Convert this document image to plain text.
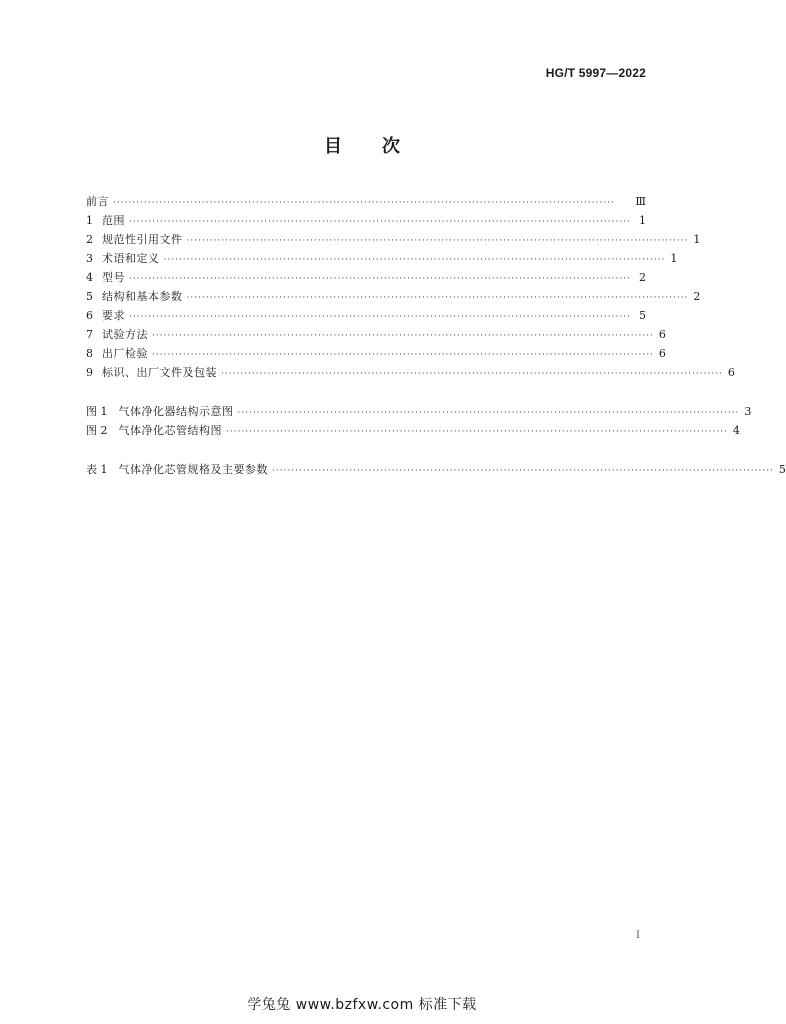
HG/T 5997—2022
目 次
前言 ··································································································································	Ⅲ
1 范围 ·································································································································· 1
2 规范性引用文件 ·································································································································· 1
3 术语和定义 ·································································································································· 1
4 型号 ·································································································································· 2
5 结构和基本参数 ·································································································································· 2
6 要求 ·································································································································· 5
7 试验方法 ·································································································································· 6
8 出厂检验 ·································································································································· 6
9 标识、出厂文件及包装 ·································································································································· 6
图 1 气体净化器结构示意图 ·································································································································· 3
图 2 气体净化芯管结构图 ·································································································································· 4
表 1 气体净化芯管规格及主要参数 ·································································································································· 5
Ⅰ
学兔兔 www.bzfxw.com 标准下载
